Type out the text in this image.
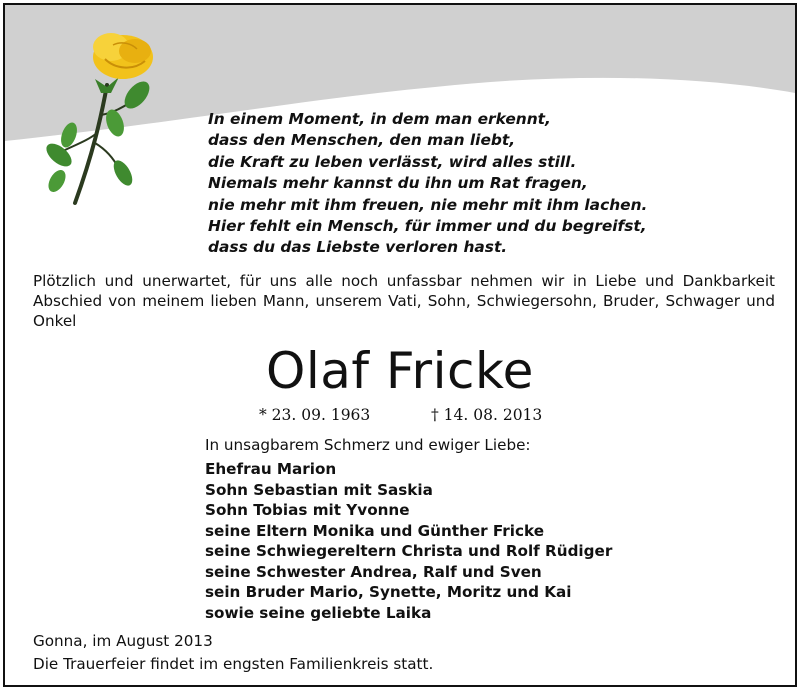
In einem Moment, in dem man erkennt,
dass den Menschen, den man liebt,
die Kraft zu leben verlässt, wird alles still.
Niemals mehr kannst du ihn um Rat fragen,
nie mehr mit ihm freuen, nie mehr mit ihm lachen.
Hier fehlt ein Mensch, für immer und du begreifst,
dass du das Liebste verloren hast.
Plötzlich und unerwartet, für uns alle noch unfassbar nehmen wir in Liebe und Dankbarkeit Abschied von meinem lieben Mann, unserem Vati, Sohn, Schwiegersohn, Bruder, Schwager und Onkel
Olaf Fricke
* 23. 09. 1963	† 14. 08. 2013
In unsagbarem Schmerz und ewiger Liebe:
Ehefrau Marion
Sohn Sebastian mit Saskia
Sohn Tobias mit Yvonne
seine Eltern Monika und Günther Fricke
seine Schwiegereltern Christa und Rolf Rüdiger
seine Schwester Andrea, Ralf und Sven
sein Bruder Mario, Synette, Moritz und Kai
sowie seine geliebte Laika
Gonna, im August 2013
Die Trauerfeier findet im engsten Familienkreis statt.
